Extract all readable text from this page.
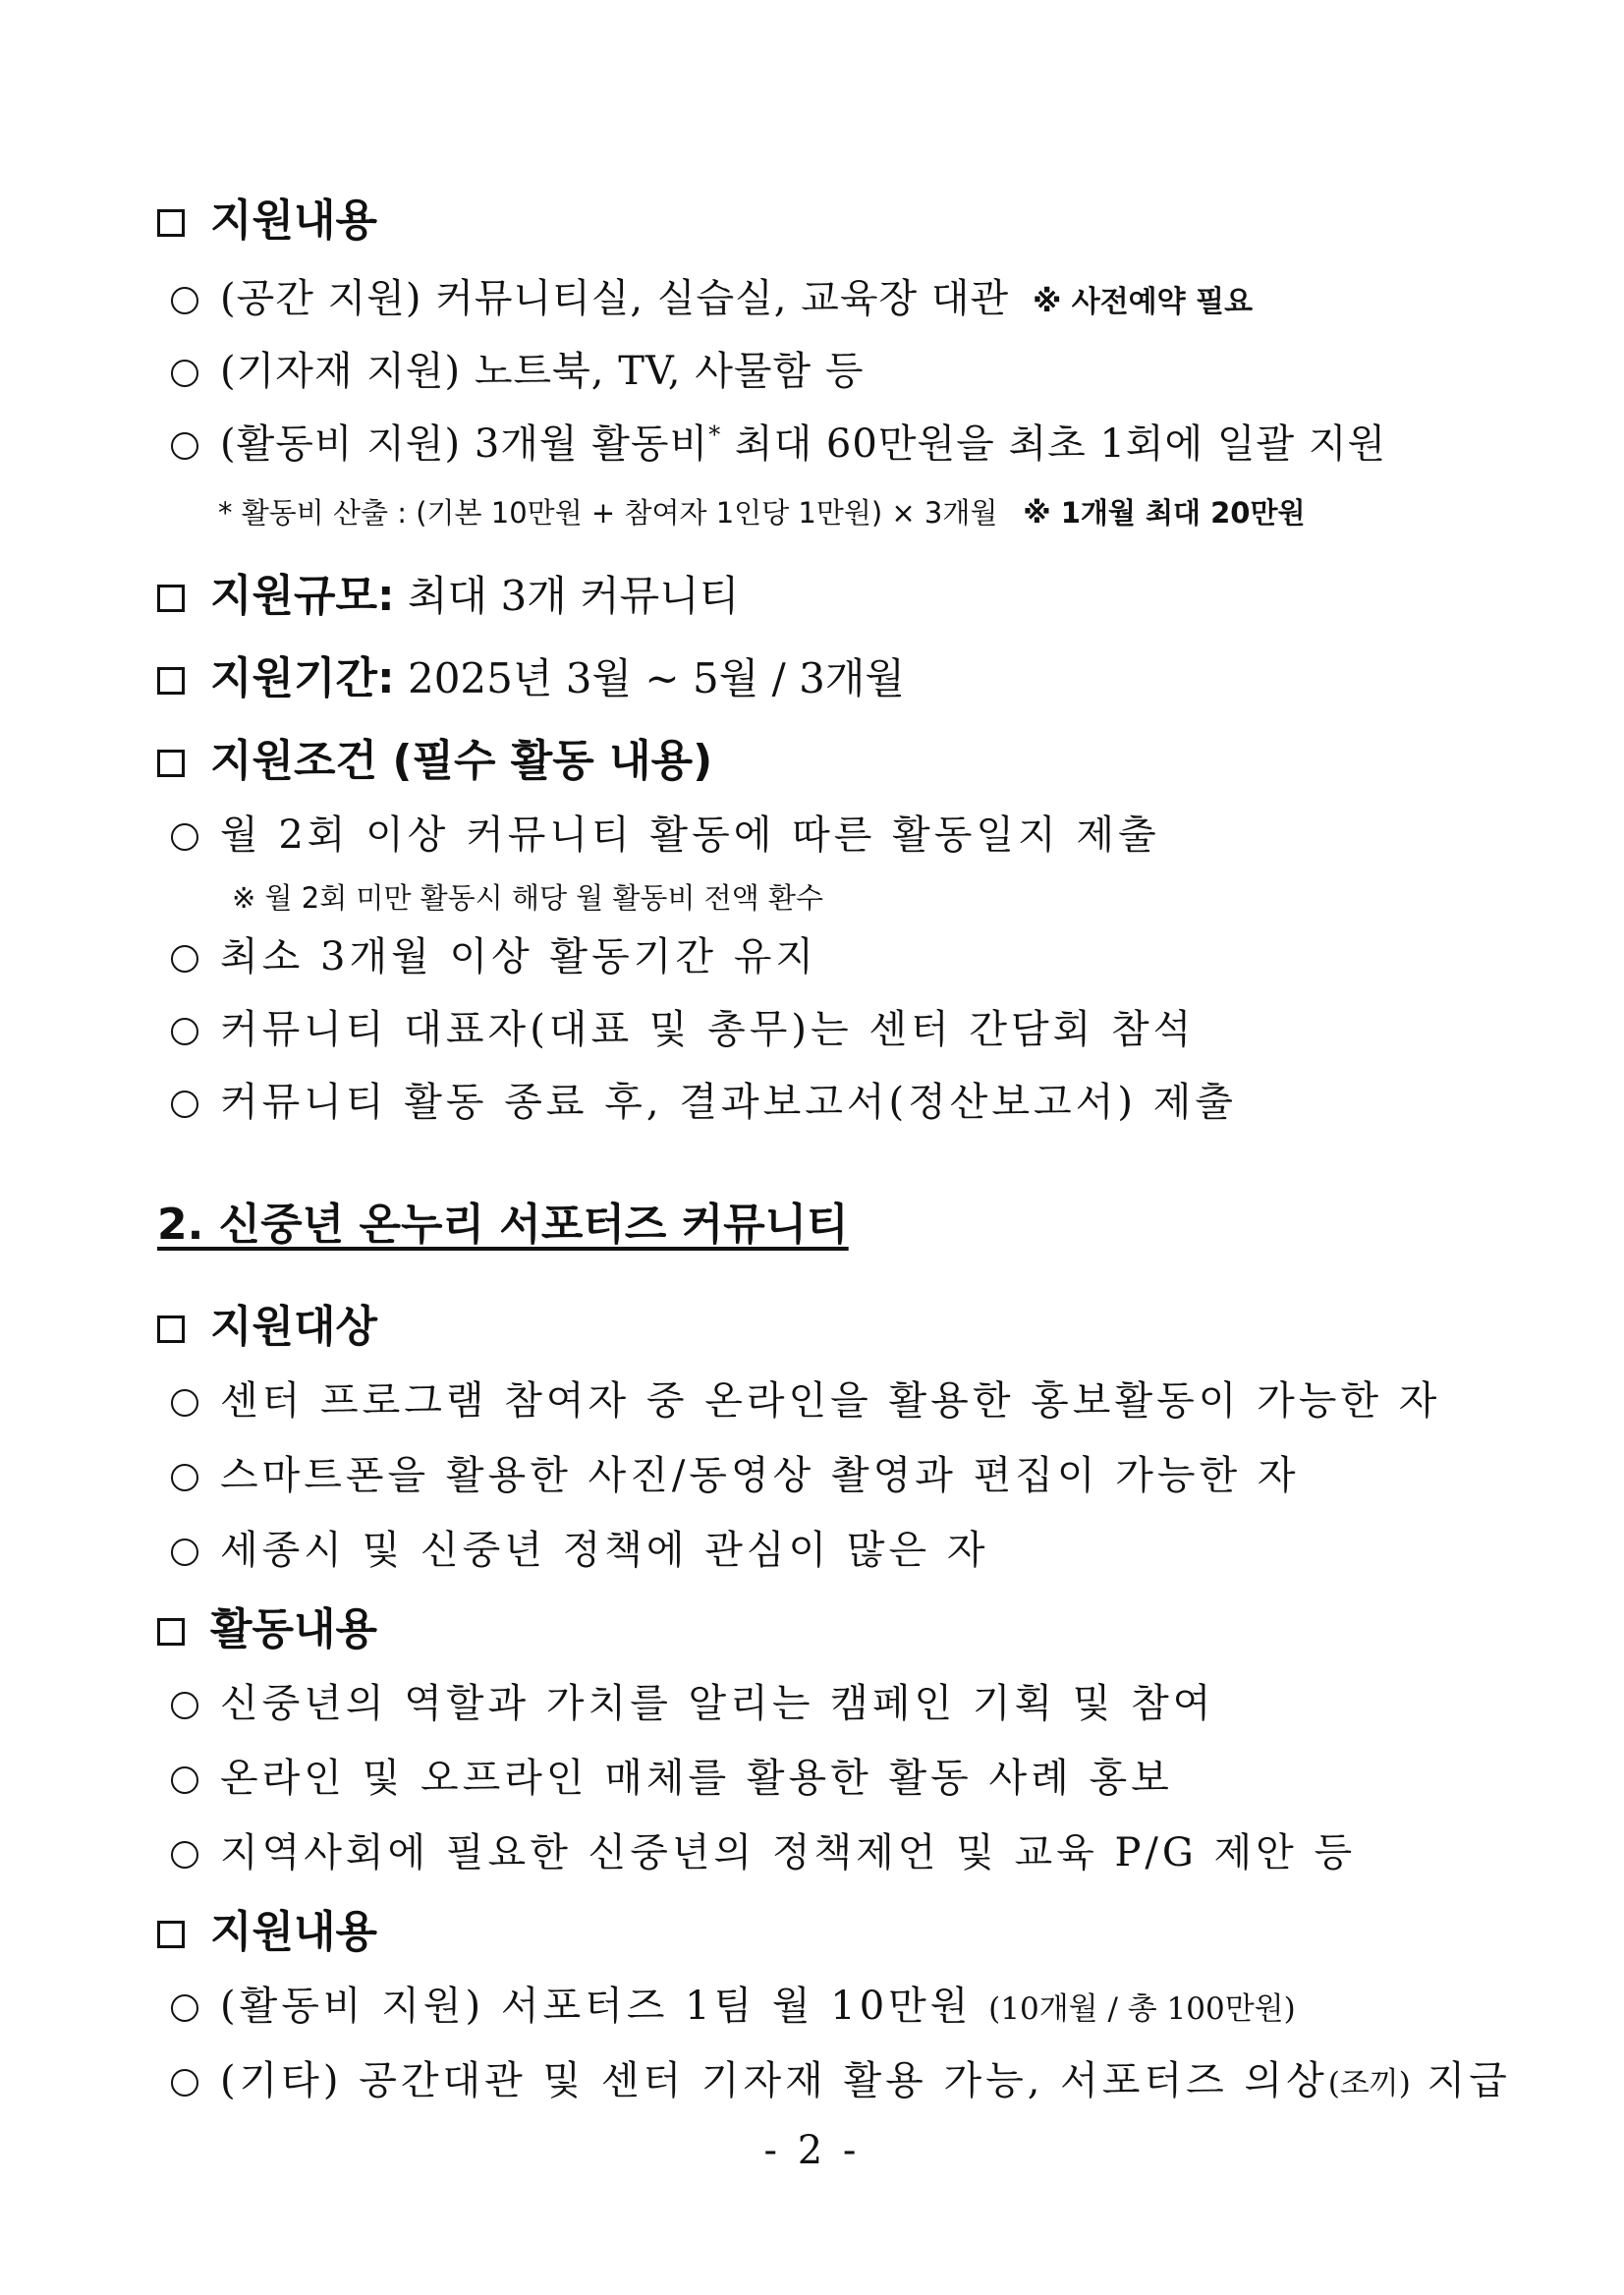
지원내용
(공간 지원) 커뮤니티실, 실습실, 교육장 대관 ※ 사전예약 필요
(기자재 지원) 노트북, TV, 사물함 등
(활동비 지원) 3개월 활동비* 최대 60만원을 최초 1회에 일괄 지원
* 활동비 산출 : (기본 10만원 + 참여자 1인당 1만원) × 3개월 ※ 1개월 최대 20만원
지원규모: 최대 3개 커뮤니티
지원기간: 2025년 3월 ~ 5월 / 3개월
지원조건 (필수 활동 내용)
월 2회 이상 커뮤니티 활동에 따른 활동일지 제출
※ 월 2회 미만 활동시 해당 월 활동비 전액 환수
최소 3개월 이상 활동기간 유지
커뮤니티 대표자(대표 및 총무)는 센터 간담회 참석
커뮤니티 활동 종료 후, 결과보고서(정산보고서) 제출
2. 신중년 온누리 서포터즈 커뮤니티
지원대상
센터 프로그램 참여자 중 온라인을 활용한 홍보활동이 가능한 자
스마트폰을 활용한 사진/동영상 촬영과 편집이 가능한 자
세종시 및 신중년 정책에 관심이 많은 자
활동내용
신중년의 역할과 가치를 알리는 캠페인 기획 및 참여
온라인 및 오프라인 매체를 활용한 활동 사례 홍보
지역사회에 필요한 신중년의 정책제언 및 교육 P/G 제안 등
지원내용
(활동비 지원) 서포터즈 1팀 월 10만원 (10개월 / 총 100만원)
(기타) 공간대관 및 센터 기자재 활용 가능, 서포터즈 의상(조끼) 지급
- 2 -
